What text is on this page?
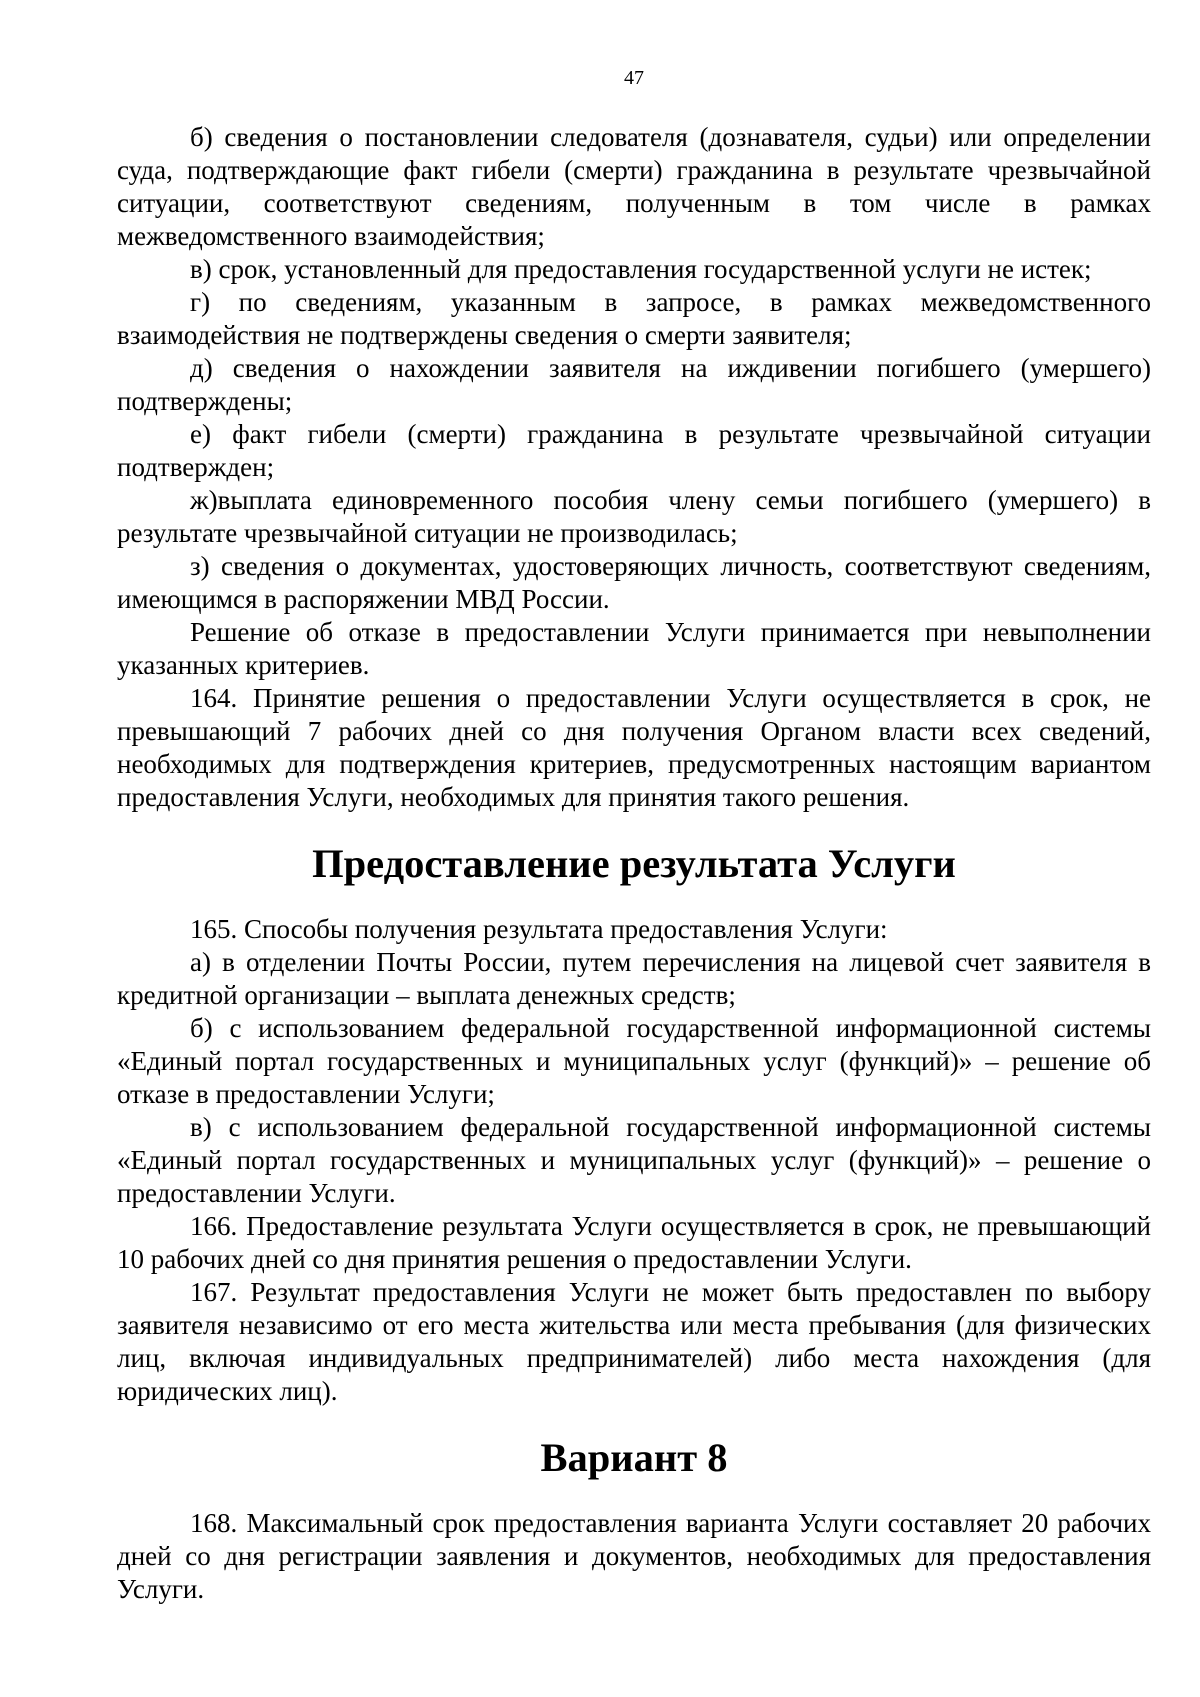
47

б) сведения о постановлении следователя (дознавателя, судьи) или определении суда, подтверждающие факт гибели (смерти) гражданина в результате чрезвычайной ситуации, соответствуют сведениям, полученным в том числе в рамках межведомственного взаимодействия;

в) срок, установленный для предоставления государственной услуги не истек;

г) по сведениям, указанным в запросе, в рамках межведомственного взаимодействия не подтверждены сведения о смерти заявителя;

д) сведения о нахождении заявителя на иждивении погибшего (умершего) подтверждены;

е) факт гибели (смерти) гражданина в результате чрезвычайной ситуации подтвержден;

ж)выплата единовременного пособия члену семьи погибшего (умершего) в результате чрезвычайной ситуации не производилась;

з) сведения о документах, удостоверяющих личность, соответствуют сведениям, имеющимся в распоряжении МВД России.

Решение об отказе в предоставлении Услуги принимается при невыполнении указанных критериев.

164. Принятие решения о предоставлении Услуги осуществляется в срок, не превышающий 7 рабочих дней со дня получения Органом власти всех сведений, необходимых для подтверждения критериев, предусмотренных настоящим вариантом предоставления Услуги, необходимых для принятия такого решения.

Предоставление результата Услуги

165. Способы получения результата предоставления Услуги:

а) в отделении Почты России, путем перечисления на лицевой счет заявителя в кредитной организации – выплата денежных средств;

б) с использованием федеральной государственной информационной системы «Единый портал государственных и муниципальных услуг (функций)» – решение об отказе в предоставлении Услуги;

в) с использованием федеральной государственной информационной системы «Единый портал государственных и муниципальных услуг (функций)» – решение о предоставлении Услуги.

166. Предоставление результата Услуги осуществляется в срок, не превышающий 10 рабочих дней со дня принятия решения о предоставлении Услуги.

167. Результат предоставления Услуги не может быть предоставлен по выбору заявителя независимо от его места жительства или места пребывания (для физических лиц, включая индивидуальных предпринимателей) либо места нахождения (для юридических лиц).

Вариант 8

168. Максимальный срок предоставления варианта Услуги составляет 20 рабочих дней со дня регистрации заявления и документов, необходимых для предоставления Услуги.
